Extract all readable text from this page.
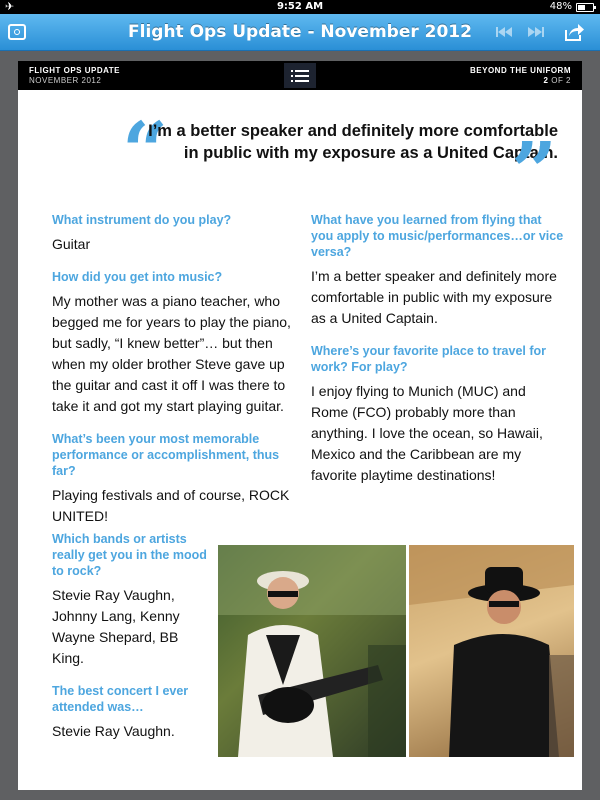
✈	9:52 AM	48%
Flight Ops Update - November 2012
FLIGHT OPS UPDATE
NOVEMBER 2012
BEYOND THE UNIFORM
2 OF 2
“
I’m a better speaker and definitely more comfortable in public with my exposure as a United Captain.
”

What instrument do you play?

Guitar

How did you get into music?

My mother was a piano teacher, who begged me for years to play the piano, but sadly, “I knew better”… but then when my older brother Steve gave up the guitar and cast it off I was there to take it and got my start playing guitar.

What’s been your most memorable performance or accomplishment, thus far?

Playing festivals and of course, ROCK UNITED!

What have you learned from flying that you apply to music/performances…or vice versa?

I’m a better speaker and definitely more comfortable in public with my exposure as a United Captain.

Where’s your favorite place to travel for work? For play?

I enjoy flying to Munich (MUC) and Rome (FCO) probably more than anything. I love the ocean, so Hawaii, Mexico and the Caribbean are my favorite playtime destinations!

Which bands or artists really get you in the mood to rock?

Stevie Ray Vaughn, Johnny Lang, Kenny Wayne Shepard, BB King.

The best concert I ever attended was…

Stevie Ray Vaughn.
